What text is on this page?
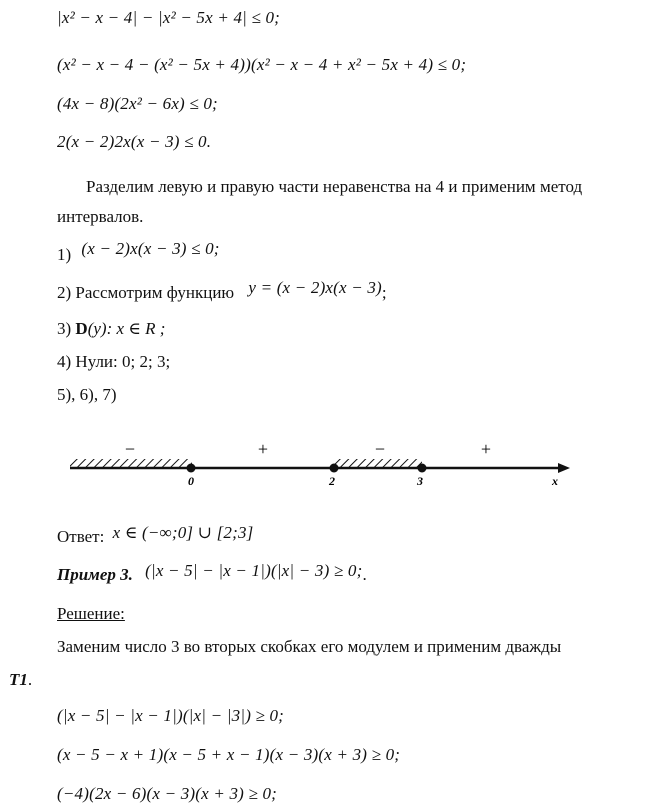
|x² − x − 4| − |x² − 5x + 4| ≤ 0;
(x² − x − 4 − (x² − 5x + 4))(x² − x − 4 + x² − 5x + 4) ≤ 0;
(4x − 8)(2x² − 6x) ≤ 0;
2(x − 2)2x(x − 3) ≤ 0.
Разделим левую и правую части неравенства на 4 и применим метод
интервалов.
1) (x − 2)x(x − 3) ≤ 0;
2) Рассмотрим функцию y = (x − 2)x(x − 3);
3) D(y): x ∈ R ;
4) Нули: 0; 2; 3;
5), 6), 7)
−	+	−	+
0	2	3	x
Ответ: x ∈ (−∞;0] ∪ [2;3]
Пример 3. (|x − 5| − |x − 1|)(|x| − 3) ≥ 0;.
Решение:
Заменим число 3 во вторых скобках его модулем и применим дважды
Т1.
(|x − 5| − |x − 1|)(|x| − |3|) ≥ 0;
(x − 5 − x + 1)(x − 5 + x − 1)(x − 3)(x + 3) ≥ 0;
(−4)(2x − 6)(x − 3)(x + 3) ≥ 0;
